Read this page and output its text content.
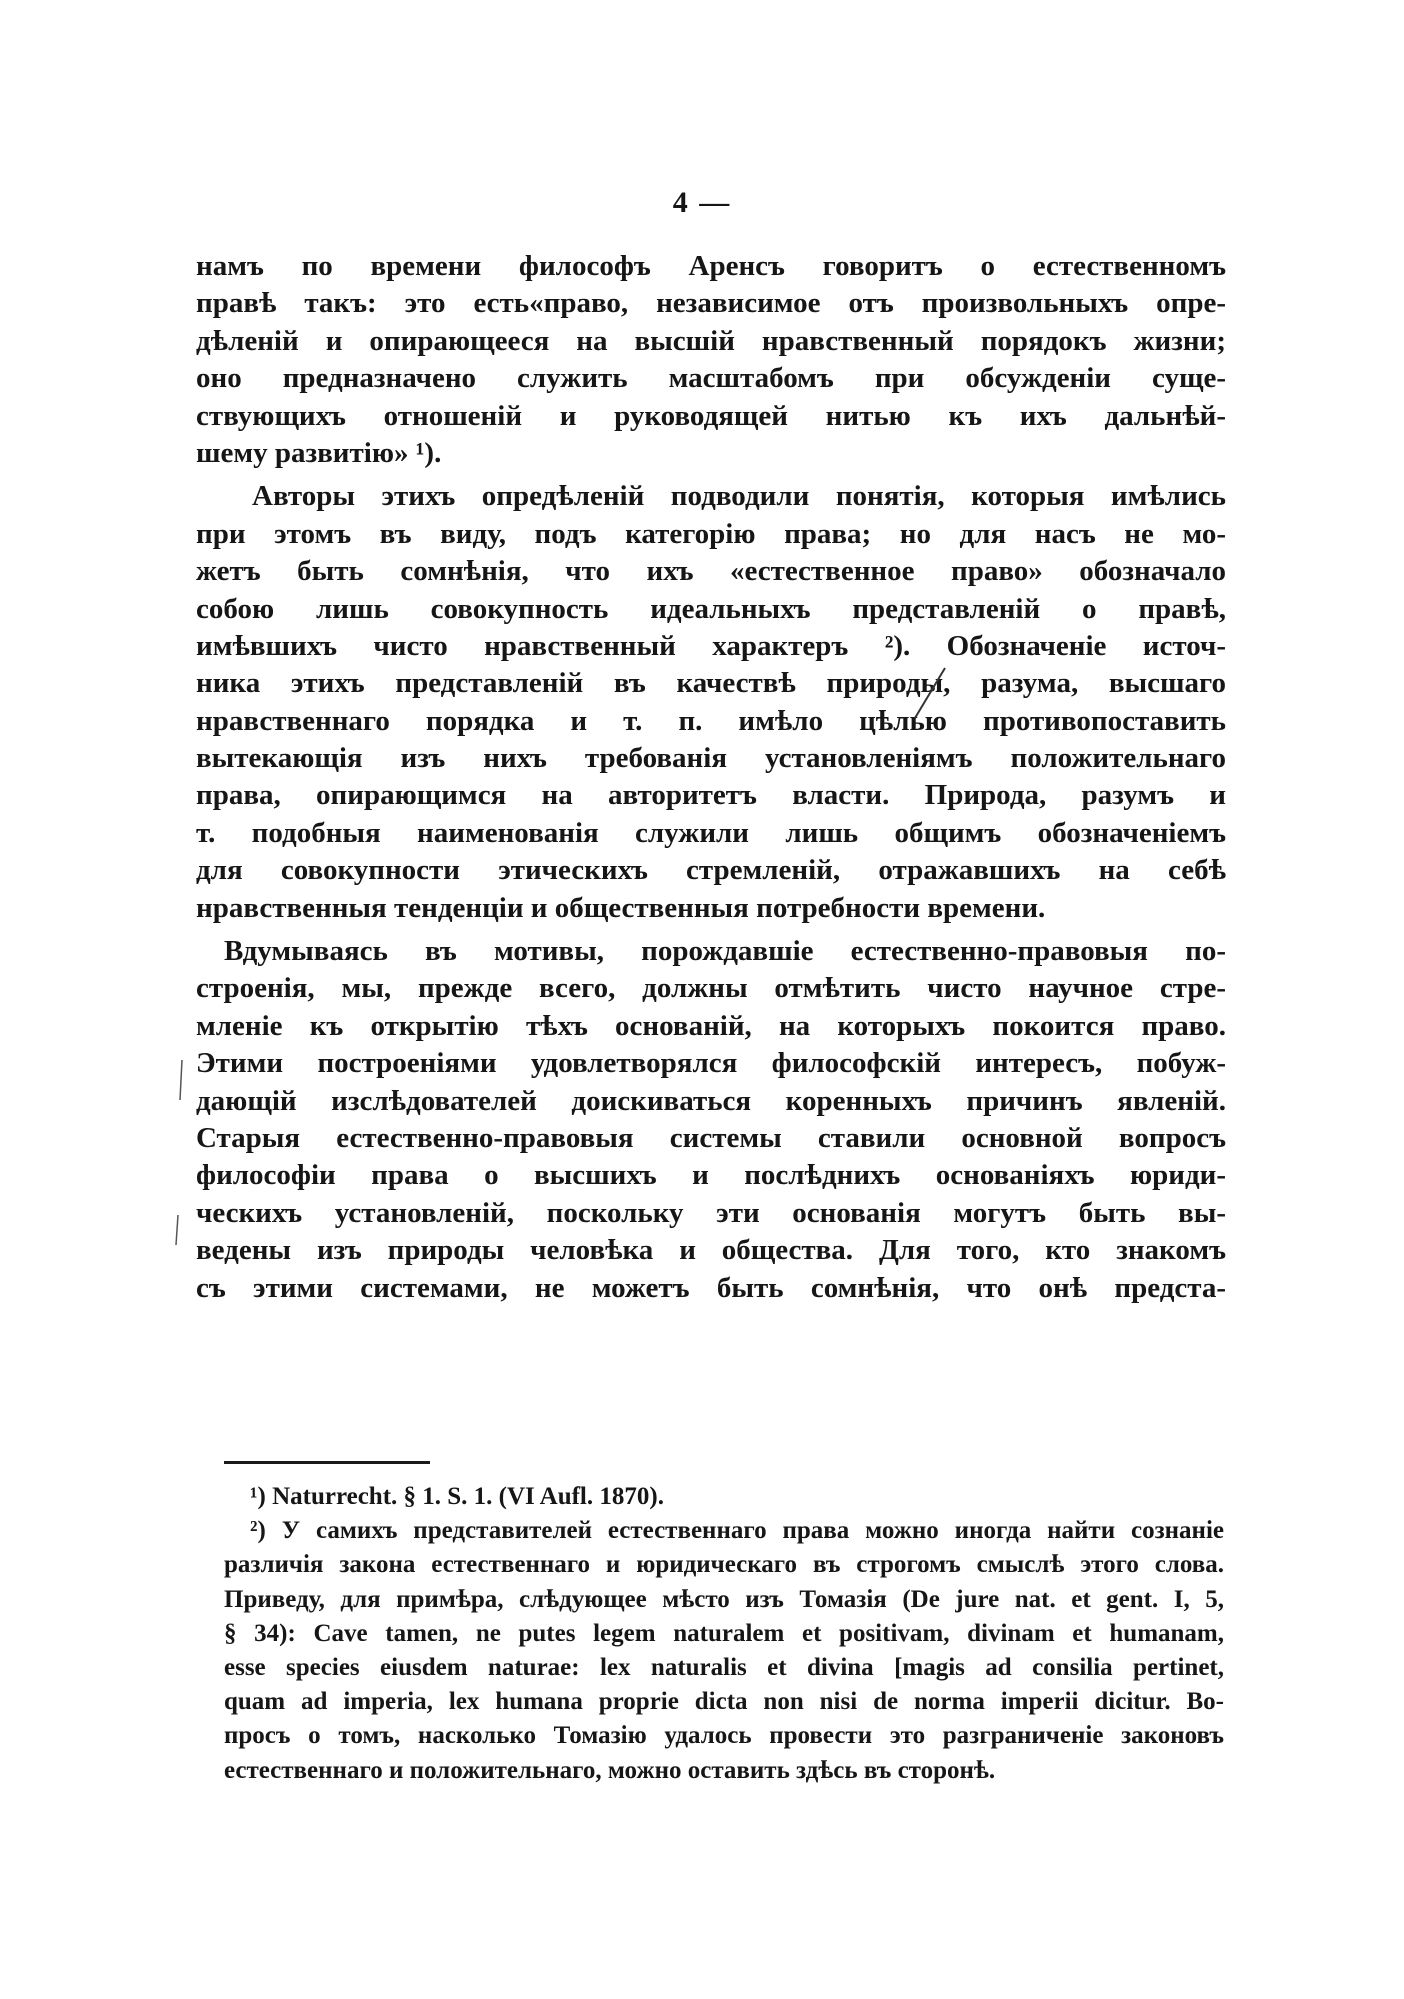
4 —
намъ по времени философъ Аренсъ говоритъ о естественномъ
правѣ такъ: это есть«право, независимое отъ произвольныхъ опре-
дѣленій и опирающееся на высшій нравственный порядокъ жизни;
оно предназначено служить масштабомъ при обсужденіи суще-
ствующихъ отношеній и руководящей нитью къ ихъ дальнѣй-
шему развитію» ¹).
Авторы этихъ опредѣленій подводили понятія, которыя имѣлись
при этомъ въ виду, подъ категорію права; но для насъ не мо-
жетъ быть сомнѣнія, что ихъ «естественное право» обозначало
собою лишь совокупность идеальныхъ представленій о правѣ,
имѣвшихъ чисто нравственный характеръ ²). Обозначеніе источ-
ника этихъ представленій въ качествѣ природы, разума, высшаго
нравственнаго порядка и т. п. имѣло цѣлью противопоставить
вытекающія изъ нихъ требованія установленіямъ положительнаго
права, опирающимся на авторитетъ власти. Природа, разумъ и
т. подобныя наименованія служили лишь общимъ обозначеніемъ
для совокупности этическихъ стремленій, отражавшихъ на себѣ
нравственныя тенденціи и общественныя потребности времени.
Вдумываясь въ мотивы, порождавшіе естественно-правовыя по-
строенія, мы, прежде всего, должны отмѣтить чисто научное стре-
мленіе къ открытію тѣхъ основаній, на которыхъ покоится право.
Этими построеніями удовлетворялся философскій интересъ, побуж-
дающій изслѣдователей доискиваться коренныхъ причинъ явленій.
Старыя естественно-правовыя системы ставили основной вопросъ
философіи права о высшихъ и послѣднихъ основаніяхъ юриди-
ческихъ установленій, поскольку эти основанія могутъ быть вы-
ведены изъ природы человѣка и общества. Для того, кто знакомъ
съ этими системами, не можетъ быть сомнѣнія, что онѣ предста-
¹) Naturrecht. § 1. S. 1. (VI Aufl. 1870).
²) У самихъ представителей естественнаго права можно иногда найти сознаніе
различія закона естественнаго и юридическаго въ строгомъ смыслѣ этого слова.
Приведу, для примѣра, слѣдующее мѣсто изъ Томазія (De jure nat. et gent. I, 5,
§ 34): Cave tamen, ne putes legem naturalem et positivam, divinam et humanam,
esse species eiusdem naturae: lex naturalis et divina [magis ad consilia pertinet,
quam ad imperia, lex humana proprie dicta non nisi de norma imperii dicitur. Во-
просъ о томъ, насколько Томазію удалось провести это разграниченіе законовъ
естественнаго и положительнаго, можно оставить здѣсь въ сторонѣ.
